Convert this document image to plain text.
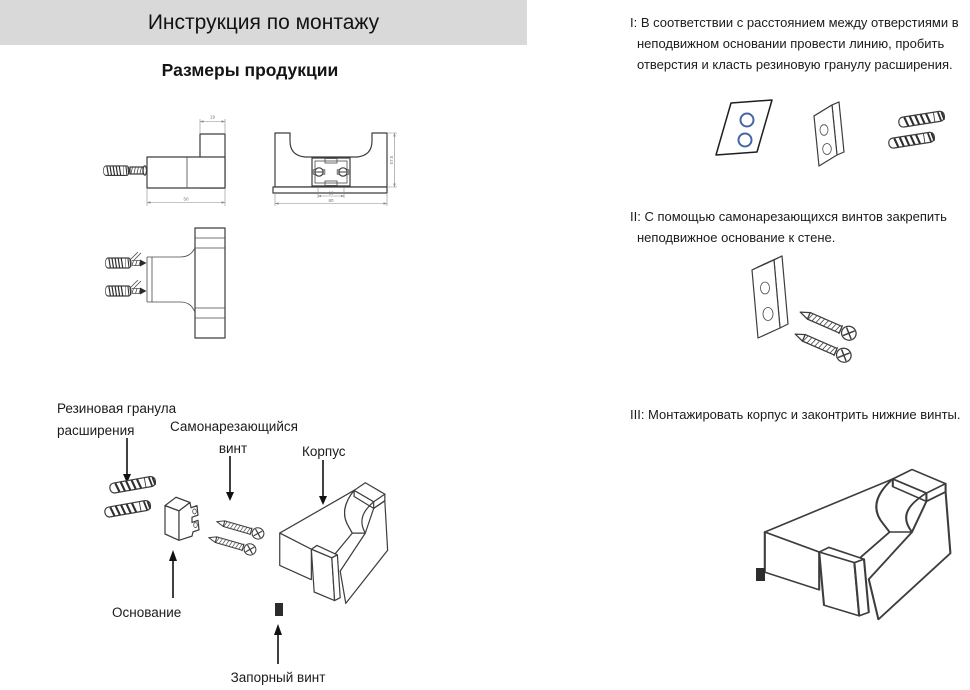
Инструкция по монтажу
Размеры продукции
19
50
18
80
57.5
Резиновая гранула
расширения	Самонарезающийся
винт	Корпус
Основание
Запорный винт
I: В соответствии с расстоянием между отверстиями в неподвижном основании провести линию, пробить отверстия и класть резиновую гранулу расширения.
II: С помощью самонарезающихся винтов закрепить неподвижное основание к стене.
III: Монтажировать корпус и законтрить нижние винты.
